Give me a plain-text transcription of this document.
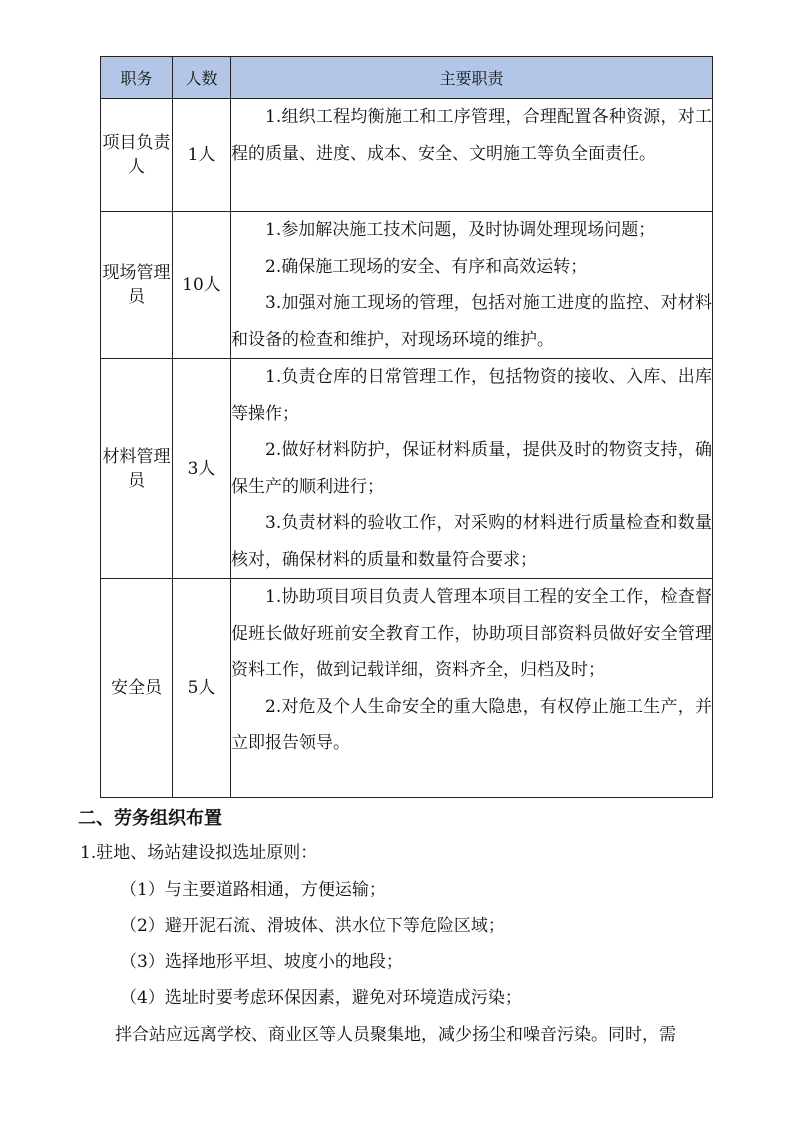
职务	人数	主要职责
项目负责人	1人	1.组织工程均衡施工和工序管理，合理配置各种资源，对工程的质量、进度、成本、安全、文明施工等负全面责任。

现场管理员	10人	1.参加解决施工技术问题，及时协调处理现场问题；

2.确保施工现场的安全、有序和高效运转；

3.加强对施工现场的管理，包括对施工进度的监控、对材料和设备的检查和维护，对现场环境的维护。

材料管理员	3人	1.负责仓库的日常管理工作，包括物资的接收、入库、出库等操作；

2.做好材料防护，保证材料质量，提供及时的物资支持，确保生产的顺利进行；

3.负责材料的验收工作，对采购的材料进行质量检查和数量核对，确保材料的质量和数量符合要求；

安全员	5人	1.协助项目项目负责人管理本项目工程的安全工作，检查督促班长做好班前安全教育工作，协助项目部资料员做好安全管理资料工作，做到记载详细，资料齐全，归档及时；

2.对危及个人生命安全的重大隐患，有权停止施工生产，并立即报告领导。

二、劳务组织布置

1.驻地、场站建设拟选址原则：

（1）与主要道路相通，方便运输；

（2）避开泥石流、滑坡体、洪水位下等危险区域；

（3）选择地形平坦、坡度小的地段；

（4）选址时要考虑环保因素，避免对环境造成污染；

拌合站应远离学校、商业区等人员聚集地，减少扬尘和噪音污染。同时，需
